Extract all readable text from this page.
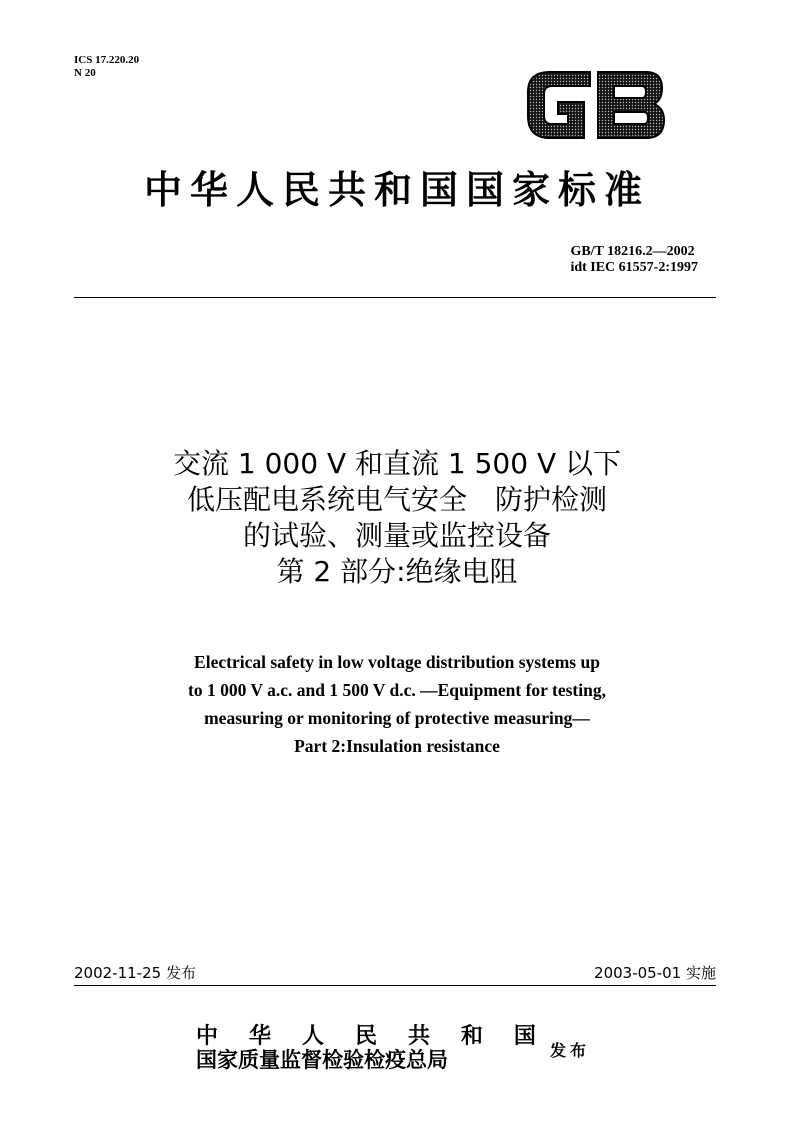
ICS 17.220.20
N 20
中华人民共和国国家标准
GB/T 18216.2—2002
idt IEC 61557-2:1997
交流 1 000 V 和直流 1 500 V 以下
低压配电系统电气安全　防护检测
的试验、测量或监控设备
第 2 部分:绝缘电阻
Electrical safety in low voltage distribution systems up
to 1 000 V a.c. and 1 500 V d.c. —Equipment for testing,
measuring or monitoring of protective measuring—
Part 2:Insulation resistance
2002-11-25 发布	2003-05-01 实施
中 华 人 民 共 和 国
国家质量监督检验检疫总局	发布
